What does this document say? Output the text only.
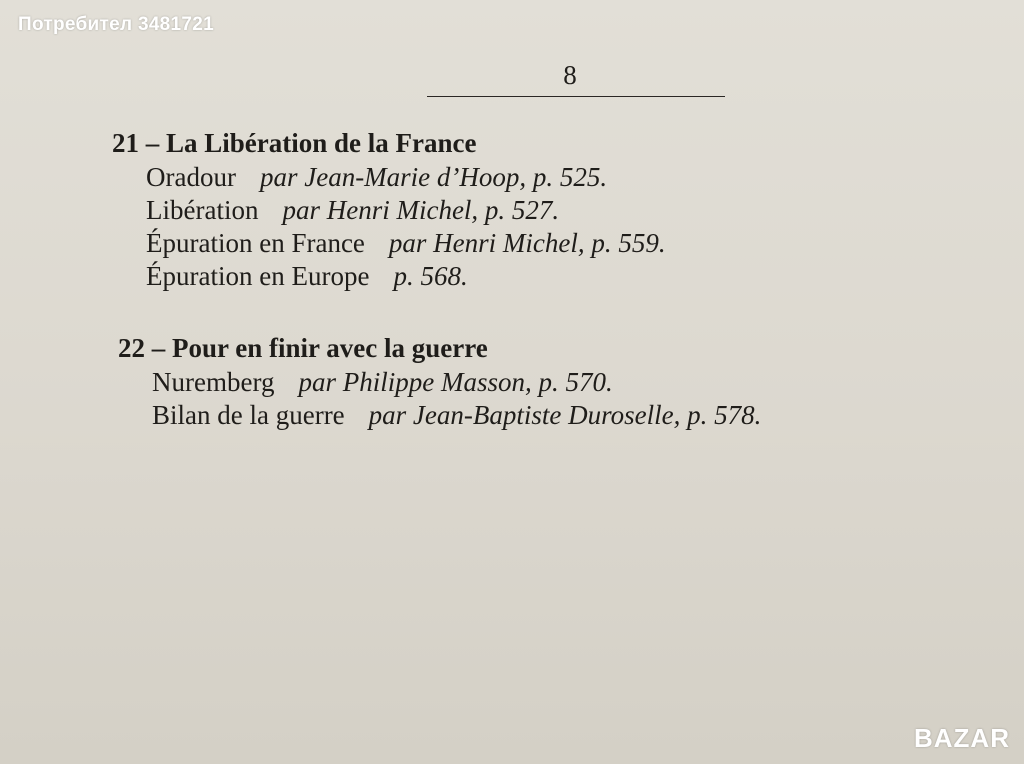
Потребител 3481721
8
21 – La Libération de la France
Oradour par Jean-Marie d’Hoop, p. 525.
Libération par Henri Michel, p. 527.
Épuration en France par Henri Michel, p. 559.
Épuration en Europe p. 568.
22 – Pour en finir avec la guerre
Nuremberg par Philippe Masson, p. 570.
Bilan de la guerre par Jean-Baptiste Duroselle, p. 578.
BAZAR
